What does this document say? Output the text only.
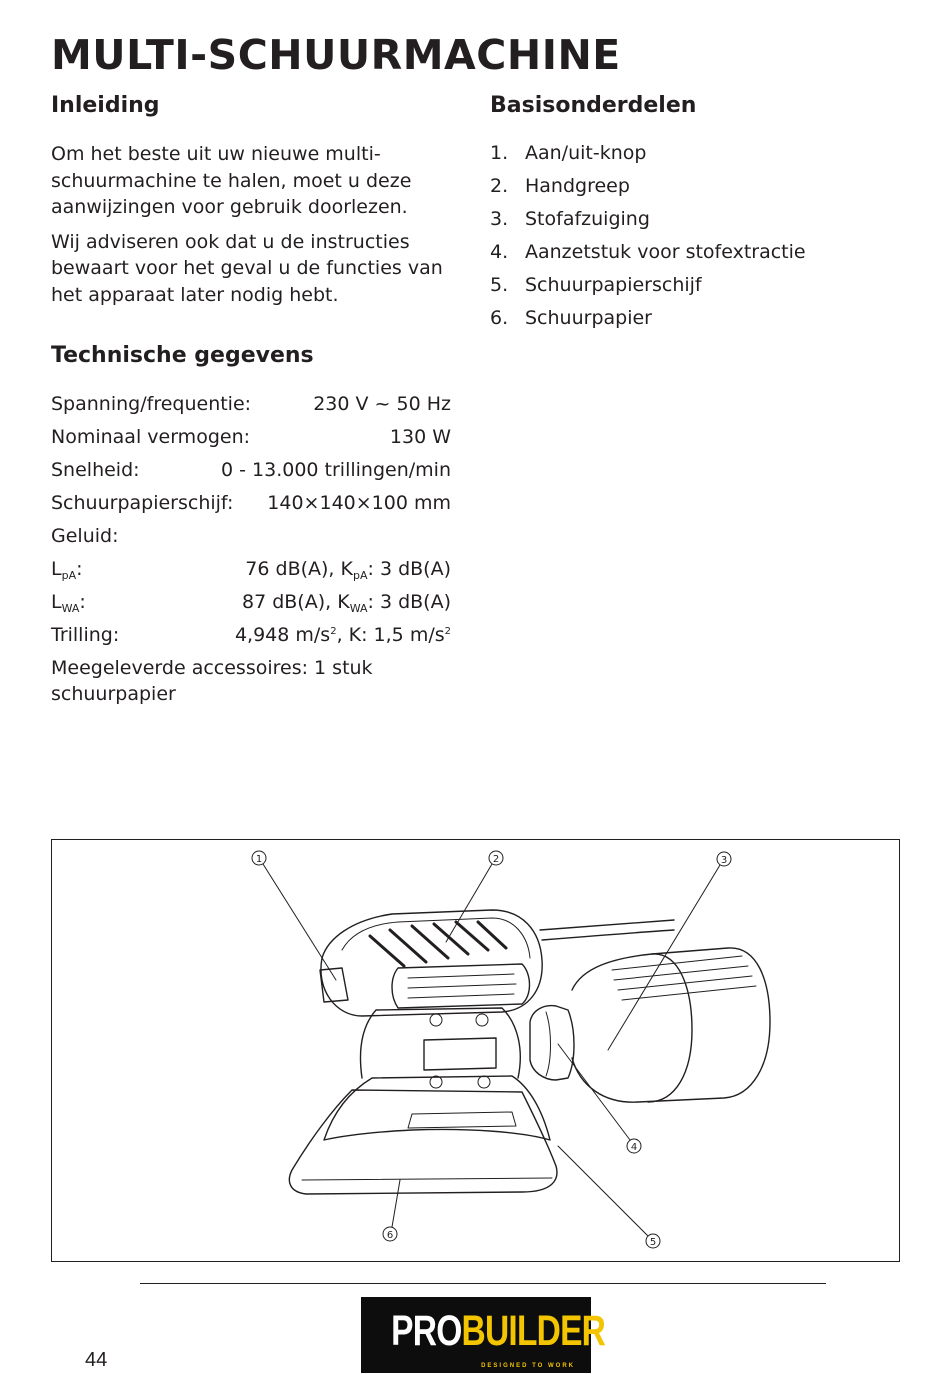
MULTI-SCHUURMACHINE
Inleiding

Om het beste uit uw nieuwe multi-schuurmachine te halen, moet u deze aanwijzingen voor gebruik doorlezen.

Wij adviseren ook dat u de instructies bewaart voor het geval u de functies van het apparaat later nodig hebt.

Technische gegevens
Spanning/frequentie:	230 V ~ 50 Hz
Nominaal vermogen:	130 W
Snelheid:	0 - 13.000 trillingen/min
Schuurpapierschijf: 140×140×100 mm
Geluid:
$L_{pA}$:	76 dB(A), $K_{pA}$: 3 dB(A)
$L_{WA}$:	87 dB(A), $K_{WA}$: 3 dB(A)
Trilling:	4,948 $m/s^2$, K: 1,5 $m/s^2$
Meegeleverde accessoires: 1 stuk schuurpapier
Basisonderdelen
1. Aan/uit-knop
2. Handgreep
3. Stofafzuiging
4. Aanzetstuk voor stofextractie
5. Schuurpapierschijf
6. Schuurpapier
1	2	3
4
5
6
44
PROBUILDER
DESIGNED TO WORK
